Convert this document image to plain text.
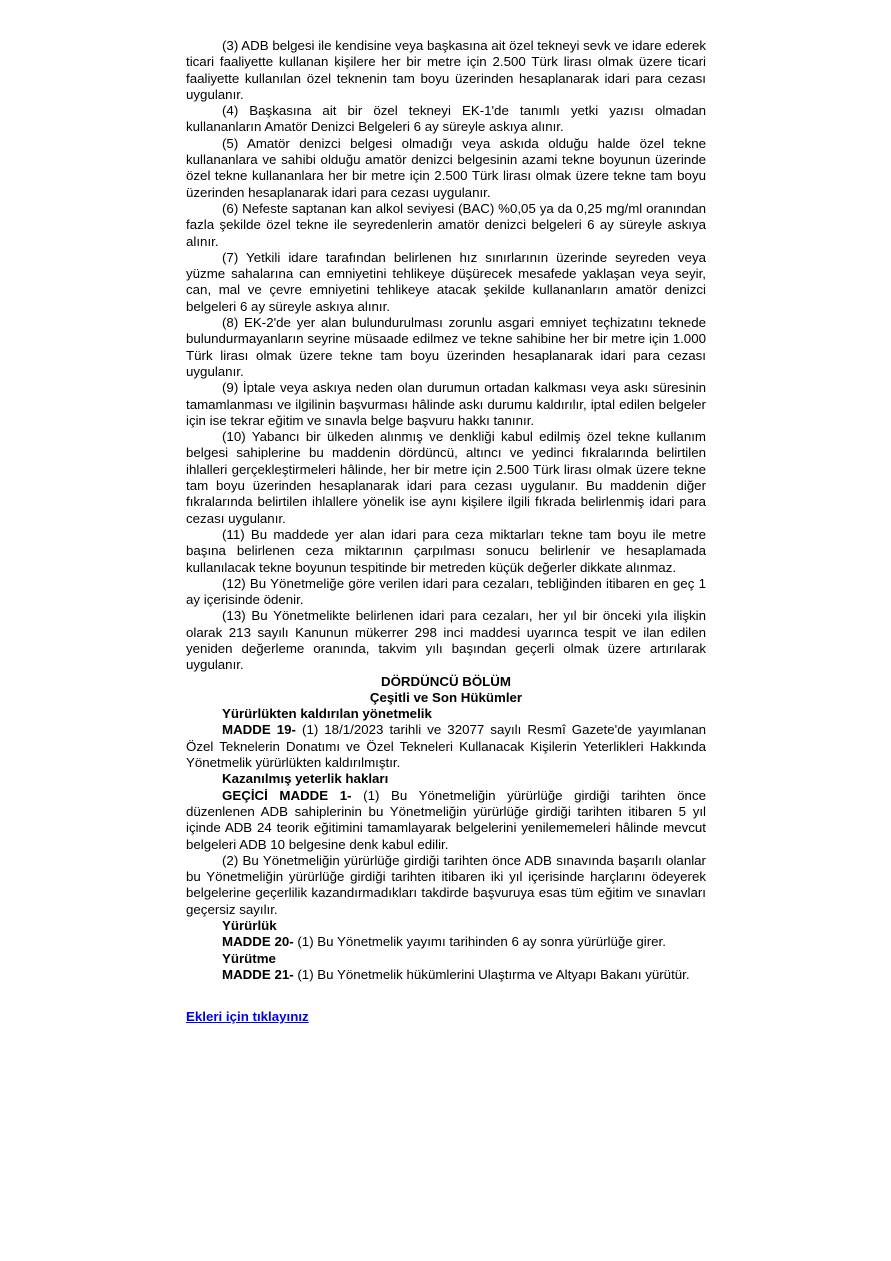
(3) ADB belgesi ile kendisine veya başkasına ait özel tekneyi sevk ve idare ederek ticari faaliyette kullanan kişilere her bir metre için 2.500 Türk lirası olmak üzere ticari faaliyette kullanılan özel teknenin tam boyu üzerinden hesaplanarak idari para cezası uygulanır.

(4) Başkasına ait bir özel tekneyi EK-1'de tanımlı yetki yazısı olmadan kullananların Amatör Denizci Belgeleri 6 ay süreyle askıya alınır.

(5) Amatör denizci belgesi olmadığı veya askıda olduğu halde özel tekne kullananlara ve sahibi olduğu amatör denizci belgesinin azami tekne boyunun üzerinde özel tekne kullananlara her bir metre için 2.500 Türk lirası olmak üzere tekne tam boyu üzerinden hesaplanarak idari para cezası uygulanır.

(6) Nefeste saptanan kan alkol seviyesi (BAC) %0,05 ya da 0,25 mg/ml oranından fazla şekilde özel tekne ile seyredenlerin amatör denizci belgeleri 6 ay süreyle askıya alınır.

(7) Yetkili idare tarafından belirlenen hız sınırlarının üzerinde seyreden veya yüzme sahalarına can emniyetini tehlikeye düşürecek mesafede yaklaşan veya seyir, can, mal ve çevre emniyetini tehlikeye atacak şekilde kullananların amatör denizci belgeleri 6 ay süreyle askıya alınır.

(8) EK-2'de yer alan bulundurulması zorunlu asgari emniyet teçhizatını teknede bulundurmayanların seyrine müsaade edilmez ve tekne sahibine her bir metre için 1.000 Türk lirası olmak üzere tekne tam boyu üzerinden hesaplanarak idari para cezası uygulanır.

(9) İptale veya askıya neden olan durumun ortadan kalkması veya askı süresinin tamamlanması ve ilgilinin başvurması hâlinde askı durumu kaldırılır, iptal edilen belgeler için ise tekrar eğitim ve sınavla belge başvuru hakkı tanınır.

(10) Yabancı bir ülkeden alınmış ve denkliği kabul edilmiş özel tekne kullanım belgesi sahiplerine bu maddenin dördüncü, altıncı ve yedinci fıkralarında belirtilen ihlalleri gerçekleştirmeleri hâlinde, her bir metre için 2.500 Türk lirası olmak üzere tekne tam boyu üzerinden hesaplanarak idari para cezası uygulanır. Bu maddenin diğer fıkralarında belirtilen ihlallere yönelik ise aynı kişilere ilgili fıkrada belirlenmiş idari para cezası uygulanır.

(11) Bu maddede yer alan idari para ceza miktarları tekne tam boyu ile metre başına belirlenen ceza miktarının çarpılması sonucu belirlenir ve hesaplamada kullanılacak tekne boyunun tespitinde bir metreden küçük değerler dikkate alınmaz.

(12) Bu Yönetmeliğe göre verilen idari para cezaları, tebliğinden itibaren en geç 1 ay içerisinde ödenir.

(13) Bu Yönetmelikte belirlenen idari para cezaları, her yıl bir önceki yıla ilişkin olarak 213 sayılı Kanunun mükerrer 298 inci maddesi uyarınca tespit ve ilan edilen yeniden değerleme oranında, takvim yılı başından geçerli olmak üzere artırılarak uygulanır.

DÖRDÜNCÜ BÖLÜM

Çeşitli ve Son Hükümler

Yürürlükten kaldırılan yönetmelik

MADDE 19- (1) 18/1/2023 tarihli ve 32077 sayılı Resmî Gazete'de yayımlanan Özel Teknelerin Donatımı ve Özel Tekneleri Kullanacak Kişilerin Yeterlikleri Hakkında Yönetmelik yürürlükten kaldırılmıştır.

Kazanılmış yeterlik hakları

GEÇİCİ MADDE 1- (1) Bu Yönetmeliğin yürürlüğe girdiği tarihten önce düzenlenen ADB sahiplerinin bu Yönetmeliğin yürürlüğe girdiği tarihten itibaren 5 yıl içinde ADB 24 teorik eğitimini tamamlayarak belgelerini yenilememeleri hâlinde mevcut belgeleri ADB 10 belgesine denk kabul edilir.

(2) Bu Yönetmeliğin yürürlüğe girdiği tarihten önce ADB sınavında başarılı olanlar bu Yönetmeliğin yürürlüğe girdiği tarihten itibaren iki yıl içerisinde harçlarını ödeyerek belgelerine geçerlilik kazandırmadıkları takdirde başvuruya esas tüm eğitim ve sınavları geçersiz sayılır.

Yürürlük

MADDE 20- (1) Bu Yönetmelik yayımı tarihinden 6 ay sonra yürürlüğe girer.

Yürütme

MADDE 21- (1) Bu Yönetmelik hükümlerini Ulaştırma ve Altyapı Bakanı yürütür.

Ekleri için tıklayınız
